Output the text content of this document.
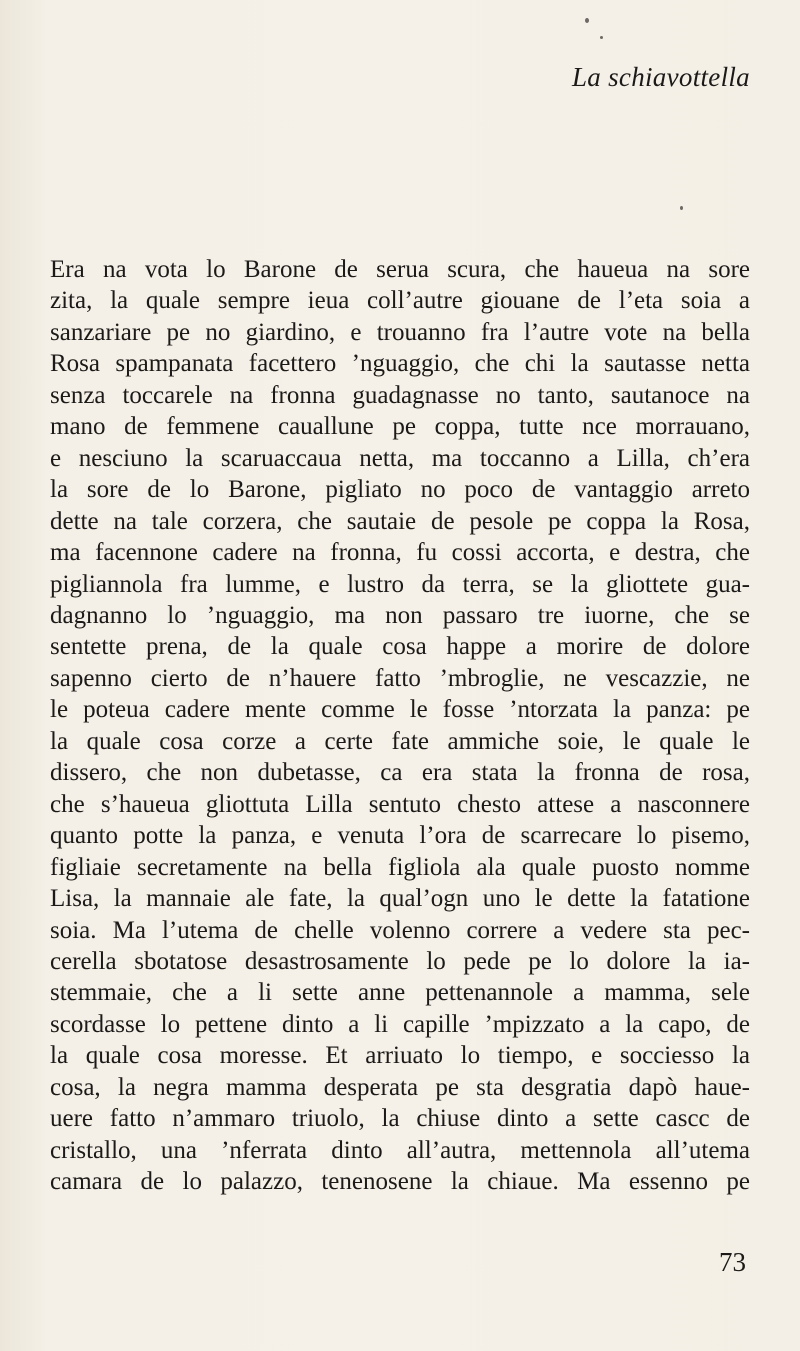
La schiavottella
Era na vota lo Barone de serua scura, che haueua na sore
zita, la quale sempre ieua coll’autre giouane de l’eta soia a
sanzariare pe no giardino, e trouanno fra l’autre vote na bella
Rosa spampanata facettero ’nguaggio, che chi la sautasse netta
senza toccarele na fronna guadagnasse no tanto, sautanoce na
mano de femmene cauallune pe coppa, tutte nce morrauano,
e nesciuno la scaruaccaua netta, ma toccanno a Lilla, ch’era
la sore de lo Barone, pigliato no poco de vantaggio arreto
dette na tale corzera, che sautaie de pesole pe coppa la Rosa,
ma facennone cadere na fronna, fu cossi accorta, e destra, che
pigliannola fra lumme, e lustro da terra, se la gliottete gua-
dagnanno lo ’nguaggio, ma non passaro tre iuorne, che se
sentette prena, de la quale cosa happe a morire de dolore
sapenno cierto de n’hauere fatto ’mbroglie, ne vescazzie, ne
le poteua cadere mente comme le fosse ’ntorzata la panza: pe
la quale cosa corze a certe fate ammiche soie, le quale le
dissero, che non dubetasse, ca era stata la fronna de rosa,
che s’haueua gliottuta Lilla sentuto chesto attese a nasconnere
quanto potte la panza, e venuta l’ora de scarrecare lo pisemo,
figliaie secretamente na bella figliola ala quale puosto nomme
Lisa, la mannaie ale fate, la qual’ogn uno le dette la fatatione
soia. Ma l’utema de chelle volenno correre a vedere sta pec-
cerella sbotatose desastrosamente lo pede pe lo dolore la ia-
stemmaie, che a li sette anne pettenannole a mamma, sele
scordasse lo pettene dinto a li capille ’mpizzato a la capo, de
la quale cosa moresse. Et arriuato lo tiempo, e socciesso la
cosa, la negra mamma desperata pe sta desgratia dapò haue-
uere fatto n’ammaro triuolo, la chiuse dinto a sette cascc de
cristallo, una ’nferrata dinto all’autra, mettennola all’utema
camara de lo palazzo, tenenosene la chiaue. Ma essenno pe
73
